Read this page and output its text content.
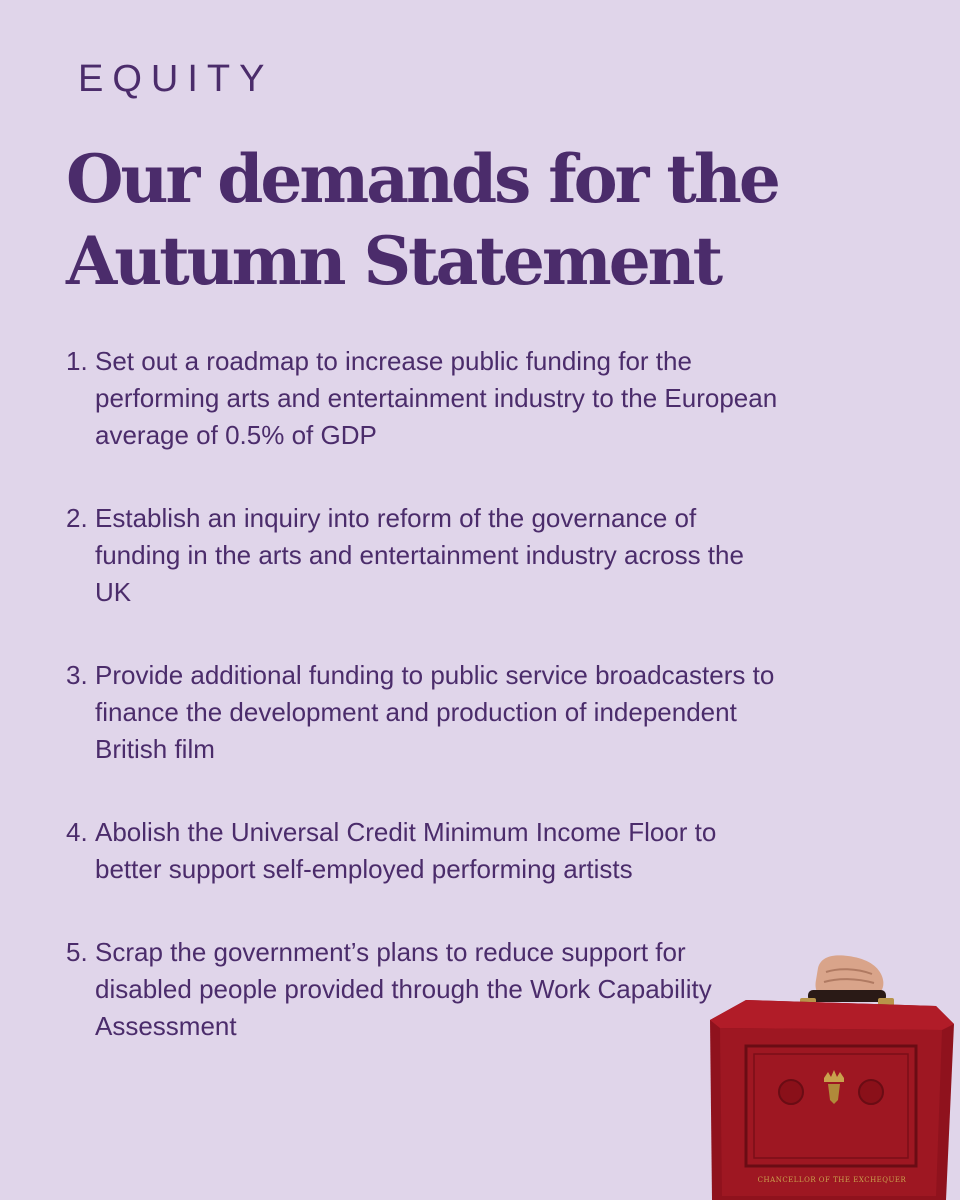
EQUITY
Our demands for the Autumn Statement
1. Set out a roadmap to increase public funding for the performing arts and entertainment industry to the European average of 0.5% of GDP
2. Establish an inquiry into reform of the governance of funding in the arts and entertainment industry across the UK
3. Provide additional funding to public service broadcasters to finance the development and production of independent British film
4. Abolish the Universal Credit Minimum Income Floor to better support self-employed performing artists
5. Scrap the government’s plans to reduce support for disabled people provided through the Work Capability Assessment
CHANCELLOR OF THE EXCHEQUER
